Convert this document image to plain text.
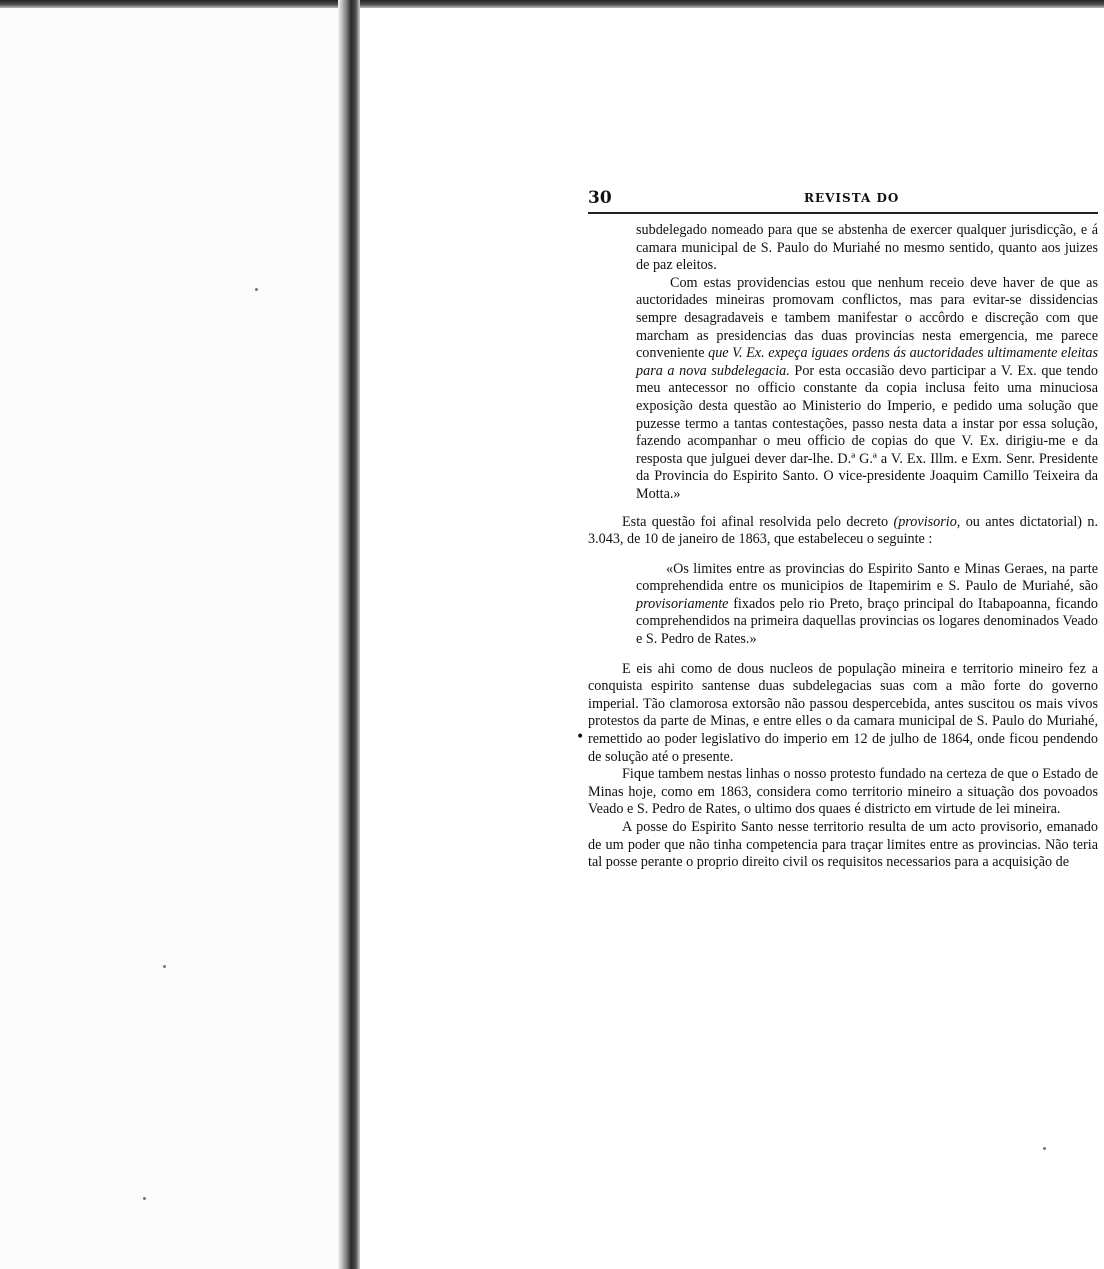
30	REVISTA DO

subdelegado nomeado para que se abstenha de exercer qualquer jurisdicção, e á camara municipal de S. Paulo do Muriahé no mesmo sentido, quanto aos juizes de paz eleitos.

Com estas providencias estou que nenhum receio deve haver de que as auctoridades mineiras promovam conflictos, mas para evitar-se dissidencias sempre desagradaveis e tambem manifestar o accôrdo e discreção com que marcham as presidencias das duas provincias nesta emergencia, me parece conveniente que V. Ex. expeça iguaes ordens ás auctoridades ultimamente eleitas para a nova subdelegacia. Por esta occasião devo participar a V. Ex. que tendo meu antecessor no officio constante da copia inclusa feito uma minuciosa exposição desta questão ao Ministerio do Imperio, e pedido uma solução que puzesse termo a tantas contestações, passo nesta data a instar por essa solução, fazendo acompanhar o meu officio de copias do que V. Ex. dirigiu-me e da resposta que julguei dever dar-lhe. D.ª G.ª a V. Ex. Illm. e Exm. Senr. Presidente da Provincia do Espirito Santo. O vice-presidente Joaquim Camillo Teixeira da Motta.»

Esta questão foi afinal resolvida pelo decreto (provisorio, ou antes dictatorial) n. 3.043, de 10 de janeiro de 1863, que estabeleceu o seguinte :

«Os limites entre as provincias do Espirito Santo e Minas Geraes, na parte comprehendida entre os municipios de Itapemirim e S. Paulo de Muriahé, são provisoriamente fixados pelo rio Preto, braço principal do Itabapoanna, ficando comprehendidos na primeira daquellas provincias os logares denominados Veado e S. Pedro de Rates.»

E eis ahi como de dous nucleos de população mineira e territorio mineiro fez a conquista espirito santense duas subdelegacias suas com a mão forte do governo imperial. Tão clamorosa extorsão não passou despercebida, antes suscitou os mais vivos protestos da parte de Minas, e entre elles o da camara municipal de S. Paulo do Muriahé, remettido ao poder legislativo do imperio em 12 de julho de 1864, onde ficou pendendo de solução até o presente.

Fique tambem nestas linhas o nosso protesto fundado na certeza de que o Estado de Minas hoje, como em 1863, considera como territorio mineiro a situação dos povoados Veado e S. Pedro de Rates, o ultimo dos quaes é districto em virtude de lei mineira.

A posse do Espirito Santo nesse territorio resulta de um acto provisorio, emanado de um poder que não tinha competencia para traçar limites entre as provincias. Não teria tal posse perante o proprio direito civil os requisitos necessarios para a acquisição de

•
